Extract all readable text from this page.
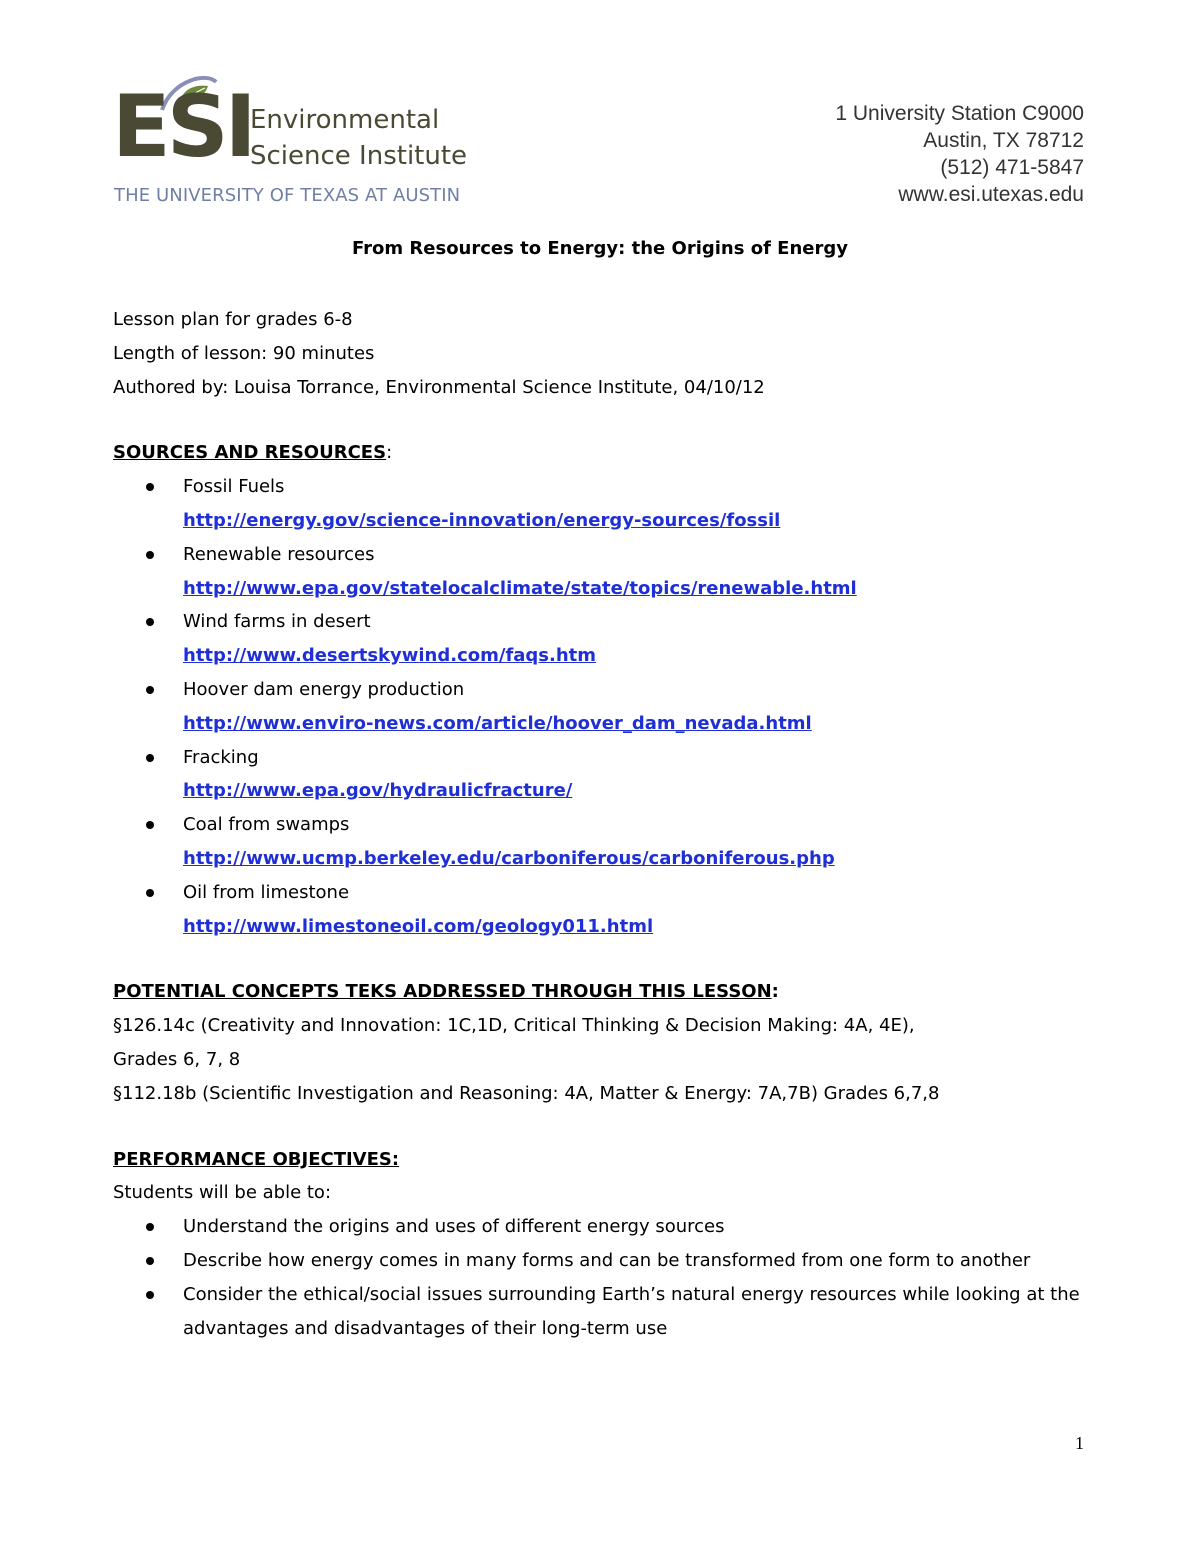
ESI
Environmental
Science Institute
THE UNIVERSITY OF TEXAS AT AUSTIN
1 University Station C9000
Austin, TX 78712
(512) 471-5847
www.esi.utexas.edu
From Resources to Energy: the Origins of Energy
Lesson plan for grades 6-8
Length of lesson: 90 minutes
Authored by: Louisa Torrance, Environmental Science Institute, 04/10/12
SOURCES AND RESOURCES:
Fossil Fuels
http://energy.gov/science-innovation/energy-sources/fossil
Renewable resources
http://www.epa.gov/statelocalclimate/state/topics/renewable.html
Wind farms in desert
http://www.desertskywind.com/faqs.htm
Hoover dam energy production
http://www.enviro-news.com/article/hoover_dam_nevada.html
Fracking
http://www.epa.gov/hydraulicfracture/
Coal from swamps
http://www.ucmp.berkeley.edu/carboniferous/carboniferous.php
Oil from limestone
http://www.limestoneoil.com/geology011.html
POTENTIAL CONCEPTS TEKS ADDRESSED THROUGH THIS LESSON:
§126.14c (Creativity and Innovation: 1C,1D, Critical Thinking & Decision Making: 4A, 4E),
Grades 6, 7, 8
§112.18b (Scientific Investigation and Reasoning: 4A, Matter & Energy: 7A,7B) Grades 6,7,8
PERFORMANCE OBJECTIVES:
Students will be able to:
Understand the origins and uses of different energy sources
Describe how energy comes in many forms and can be transformed from one form to another
Consider the ethical/social issues surrounding Earth’s natural energy resources while looking at the advantages and disadvantages of their long-term use
1
